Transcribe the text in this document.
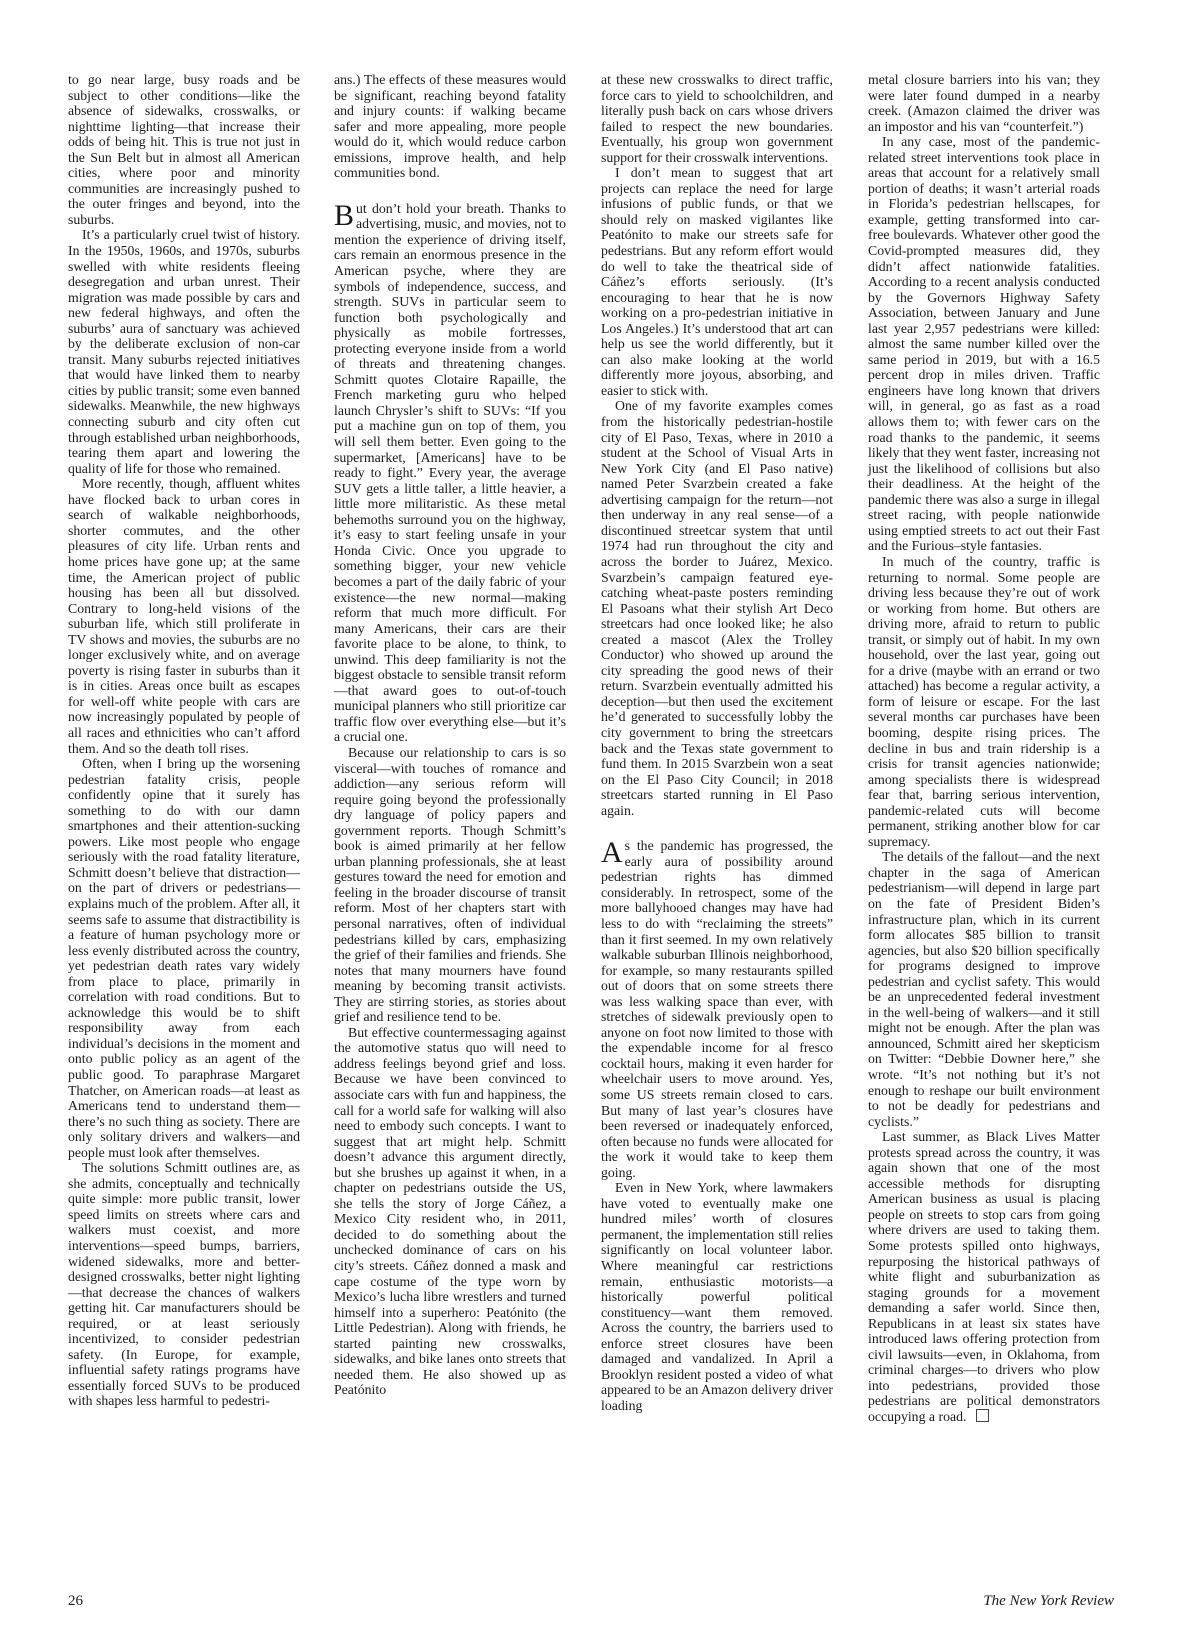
to go near large, busy roads and be subject to other conditions—like the absence of sidewalks, crosswalks, or nighttime lighting—that increase their odds of being hit. This is true not just in the Sun Belt but in almost all American cities, where poor and minority communities are increasingly pushed to the outer fringes and beyond, into the suburbs.

It’s a particularly cruel twist of history. In the 1950s, 1960s, and 1970s, suburbs swelled with white residents fleeing desegregation and urban unrest. Their migration was made possible by cars and new federal highways, and often the suburbs’ aura of sanctuary was achieved by the deliberate exclusion of non-car transit. Many suburbs rejected initiatives that would have linked them to nearby cities by public transit; some even banned sidewalks. Meanwhile, the new highways connecting suburb and city often cut through established urban neighborhoods, tearing them apart and lowering the quality of life for those who remained.

More recently, though, affluent whites have flocked back to urban cores in search of walkable neighborhoods, shorter commutes, and the other pleasures of city life. Urban rents and home prices have gone up; at the same time, the American project of public housing has been all but dissolved. Contrary to long-held visions of the suburban life, which still proliferate in TV shows and movies, the suburbs are no longer exclusively white, and on average poverty is rising faster in suburbs than it is in cities. Areas once built as escapes for well-off white people with cars are now increasingly populated by people of all races and ethnicities who can’t afford them. And so the death toll rises.

Often, when I bring up the worsening pedestrian fatality crisis, people confidently opine that it surely has something to do with our damn smartphones and their attention-sucking powers. Like most people who engage seriously with the road fatality literature, Schmitt doesn’t believe that distraction—on the part of drivers or pedestrians—explains much of the problem. After all, it seems safe to assume that distractibility is a feature of human psychology more or less evenly distributed across the country, yet pedestrian death rates vary widely from place to place, primarily in correlation with road conditions. But to acknowledge this would be to shift responsibility away from each individual’s decisions in the moment and onto public policy as an agent of the public good. To paraphrase Margaret Thatcher, on American roads—at least as Americans tend to understand them—there’s no such thing as society. There are only solitary drivers and walkers—and people must look after themselves.

The solutions Schmitt outlines are, as she admits, conceptually and technically quite simple: more public transit, lower speed limits on streets where cars and walkers must coexist, and more interventions—speed bumps, barriers, widened sidewalks, more and better-designed crosswalks, better night lighting—that decrease the chances of walkers getting hit. Car manufacturers should be required, or at least seriously incentivized, to consider pedestrian safety. (In Europe, for example, influential safety ratings programs have essentially forced SUVs to be produced with shapes less harmful to pedestri-

ans.) The effects of these measures would be significant, reaching beyond fatality and injury counts: if walking became safer and more appealing, more people would do it, which would reduce carbon emissions, improve health, and help communities bond.

But don’t hold your breath. Thanks to advertising, music, and movies, not to mention the experience of driving itself, cars remain an enormous presence in the American psyche, where they are symbols of independence, success, and strength. SUVs in particular seem to function both psychologically and physically as mobile fortresses, protecting everyone inside from a world of threats and threatening changes. Schmitt quotes Clotaire Rapaille, the French marketing guru who helped launch Chrysler’s shift to SUVs: “If you put a machine gun on top of them, you will sell them better. Even going to the supermarket, [Americans] have to be ready to fight.” Every year, the average SUV gets a little taller, a little heavier, a little more militaristic. As these metal behemoths surround you on the highway, it’s easy to start feeling unsafe in your Honda Civic. Once you upgrade to something bigger, your new vehicle becomes a part of the daily fabric of your existence—the new normal—making reform that much more difficult. For many Americans, their cars are their favorite place to be alone, to think, to unwind. This deep familiarity is not the biggest obstacle to sensible transit reform—that award goes to out-of-touch municipal planners who still prioritize car traffic flow over everything else—but it’s a crucial one.

Because our relationship to cars is so visceral—with touches of romance and addiction—any serious reform will require going beyond the professionally dry language of policy papers and government reports. Though Schmitt’s book is aimed primarily at her fellow urban planning professionals, she at least gestures toward the need for emotion and feeling in the broader discourse of transit reform. Most of her chapters start with personal narratives, often of individual pedestrians killed by cars, emphasizing the grief of their families and friends. She notes that many mourners have found meaning by becoming transit activists. They are stirring stories, as stories about grief and resilience tend to be.

But effective countermessaging against the automotive status quo will need to address feelings beyond grief and loss. Because we have been convinced to associate cars with fun and happiness, the call for a world safe for walking will also need to embody such concepts. I want to suggest that art might help. Schmitt doesn’t advance this argument directly, but she brushes up against it when, in a chapter on pedestrians outside the US, she tells the story of Jorge Cáñez, a Mexico City resident who, in 2011, decided to do something about the unchecked dominance of cars on his city’s streets. Cáñez donned a mask and cape costume of the type worn by Mexico’s lucha libre wrestlers and turned himself into a superhero: Peatónito (the Little Pedestrian). Along with friends, he started painting new crosswalks, sidewalks, and bike lanes onto streets that needed them. He also showed up as Peatónito

at these new crosswalks to direct traffic, force cars to yield to schoolchildren, and literally push back on cars whose drivers failed to respect the new boundaries. Eventually, his group won government support for their crosswalk interventions.

I don’t mean to suggest that art projects can replace the need for large infusions of public funds, or that we should rely on masked vigilantes like Peatónito to make our streets safe for pedestrians. But any reform effort would do well to take the theatrical side of Cáñez’s efforts seriously. (It’s encouraging to hear that he is now working on a pro-pedestrian initiative in Los Angeles.) It’s understood that art can help us see the world differently, but it can also make looking at the world differently more joyous, absorbing, and easier to stick with.

One of my favorite examples comes from the historically pedestrian-hostile city of El Paso, Texas, where in 2010 a student at the School of Visual Arts in New York City (and El Paso native) named Peter Svarzbein created a fake advertising campaign for the return—not then underway in any real sense—of a discontinued streetcar system that until 1974 had run throughout the city and across the border to Juárez, Mexico. Svarzbein’s campaign featured eye-catching wheat-paste posters reminding El Pasoans what their stylish Art Deco streetcars had once looked like; he also created a mascot (Alex the Trolley Conductor) who showed up around the city spreading the good news of their return. Svarzbein eventually admitted his deception—but then used the excitement he’d generated to successfully lobby the city government to bring the streetcars back and the Texas state government to fund them. In 2015 Svarzbein won a seat on the El Paso City Council; in 2018 streetcars started running in El Paso again.

As the pandemic has progressed, the early aura of possibility around pedestrian rights has dimmed considerably. In retrospect, some of the more ballyhooed changes may have had less to do with “reclaiming the streets” than it first seemed. In my own relatively walkable suburban Illinois neighborhood, for example, so many restaurants spilled out of doors that on some streets there was less walking space than ever, with stretches of sidewalk previously open to anyone on foot now limited to those with the expendable income for al fresco cocktail hours, making it even harder for wheelchair users to move around. Yes, some US streets remain closed to cars. But many of last year’s closures have been reversed or inadequately enforced, often because no funds were allocated for the work it would take to keep them going.

Even in New York, where lawmakers have voted to eventually make one hundred miles’ worth of closures permanent, the implementation still relies significantly on local volunteer labor. Where meaningful car restrictions remain, enthusiastic motorists—a historically powerful political constituency—want them removed. Across the country, the barriers used to enforce street closures have been damaged and vandalized. In April a Brooklyn resident posted a video of what appeared to be an Amazon delivery driver loading

metal closure barriers into his van; they were later found dumped in a nearby creek. (Amazon claimed the driver was an impostor and his van “counterfeit.”)

In any case, most of the pandemic-related street interventions took place in areas that account for a relatively small portion of deaths; it wasn’t arterial roads in Florida’s pedestrian hellscapes, for example, getting transformed into car-free boulevards. Whatever other good the Covid-prompted measures did, they didn’t affect nationwide fatalities. According to a recent analysis conducted by the Governors Highway Safety Association, between January and June last year 2,957 pedestrians were killed: almost the same number killed over the same period in 2019, but with a 16.5 percent drop in miles driven. Traffic engineers have long known that drivers will, in general, go as fast as a road allows them to; with fewer cars on the road thanks to the pandemic, it seems likely that they went faster, increasing not just the likelihood of collisions but also their deadliness. At the height of the pandemic there was also a surge in illegal street racing, with people nationwide using emptied streets to act out their Fast and the Furious–style fantasies.

In much of the country, traffic is returning to normal. Some people are driving less because they’re out of work or working from home. But others are driving more, afraid to return to public transit, or simply out of habit. In my own household, over the last year, going out for a drive (maybe with an errand or two attached) has become a regular activity, a form of leisure or escape. For the last several months car purchases have been booming, despite rising prices. The decline in bus and train ridership is a crisis for transit agencies nationwide; among specialists there is widespread fear that, barring serious intervention, pandemic-related cuts will become permanent, striking another blow for car supremacy.

The details of the fallout—and the next chapter in the saga of American pedestrianism—will depend in large part on the fate of President Biden’s infrastructure plan, which in its current form allocates $85 billion to transit agencies, but also $20 billion specifically for programs designed to improve pedestrian and cyclist safety. This would be an unprecedented federal investment in the well-being of walkers—and it still might not be enough. After the plan was announced, Schmitt aired her skepticism on Twitter: “Debbie Downer here,” she wrote. “It’s not nothing but it’s not enough to reshape our built environment to not be deadly for pedestrians and cyclists.”

Last summer, as Black Lives Matter protests spread across the country, it was again shown that one of the most accessible methods for disrupting American business as usual is placing people on streets to stop cars from going where drivers are used to taking them. Some protests spilled onto highways, repurposing the historical pathways of white flight and suburbanization as staging grounds for a movement demanding a safer world. Since then, Republicans in at least six states have introduced laws offering protection from civil lawsuits—even, in Oklahoma, from criminal charges—to drivers who plow into pedestrians, provided those pedestrians are political demonstrators occupying a road.

26	The New York Review
